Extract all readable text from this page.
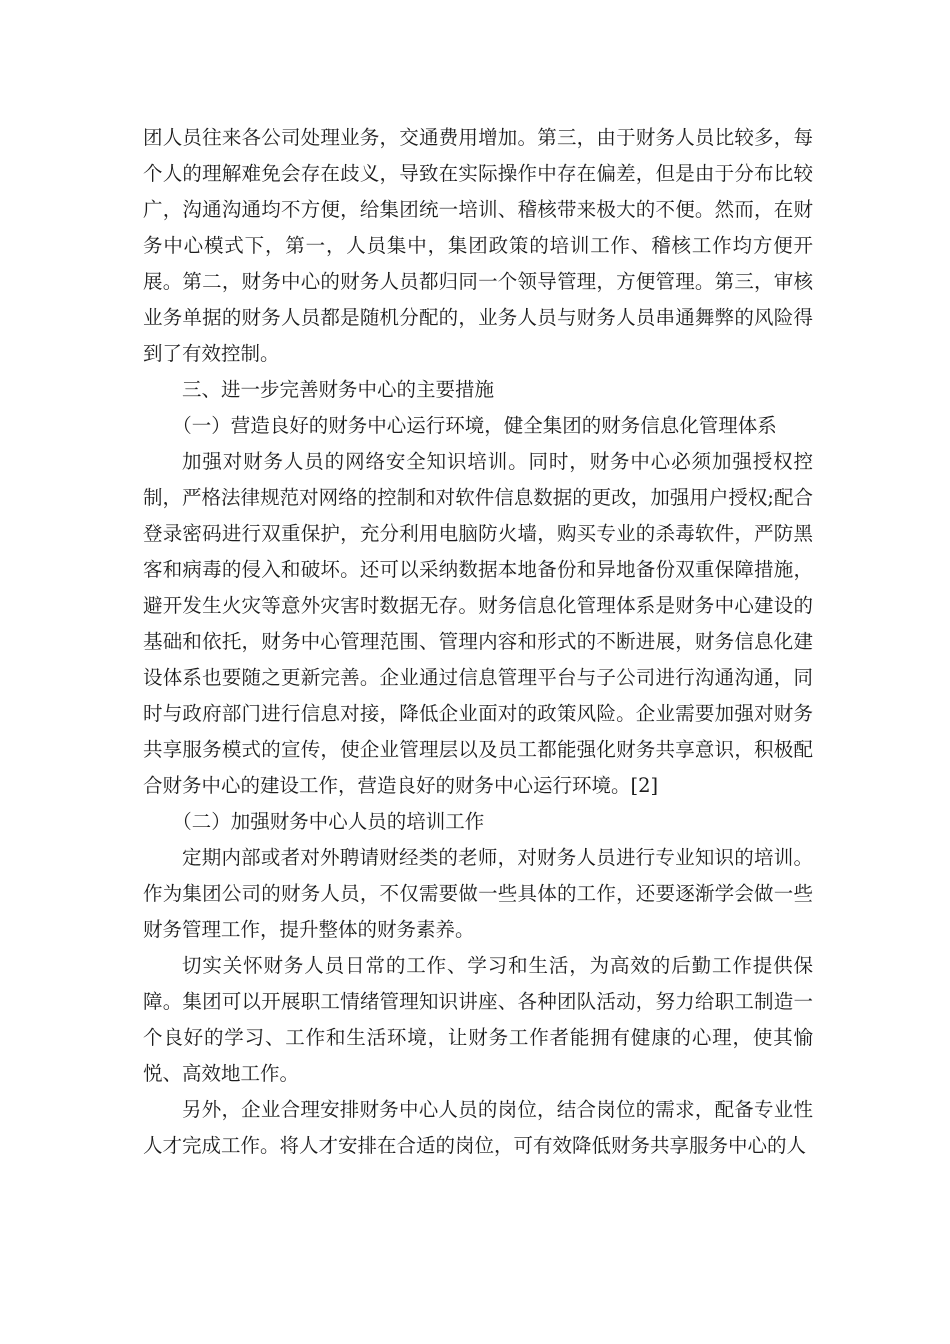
团人员往来各公司处理业务，交通费用增加。第三，由于财务人员比较多，每个人的理解难免会存在歧义，导致在实际操作中存在偏差，但是由于分布比较广，沟通沟通均不方便，给集团统一培训、稽核带来极大的不便。然而，在财务中心模式下，第一，人员集中，集团政策的培训工作、稽核工作均方便开展。第二，财务中心的财务人员都归同一个领导管理，方便管理。第三，审核业务单据的财务人员都是随机分配的，业务人员与财务人员串通舞弊的风险得到了有效控制。

三、进一步完善财务中心的主要措施

（一）营造良好的财务中心运行环境，健全集团的财务信息化管理体系

加强对财务人员的网络安全知识培训。同时，财务中心必须加强授权控制，严格法律规范对网络的控制和对软件信息数据的更改，加强用户授权;配合登录密码进行双重保护，充分利用电脑防火墙，购买专业的杀毒软件，严防黑客和病毒的侵入和破坏。还可以采纳数据本地备份和异地备份双重保障措施，避开发生火灾等意外灾害时数据无存。财务信息化管理体系是财务中心建设的基础和依托，财务中心管理范围、管理内容和形式的不断进展，财务信息化建设体系也要随之更新完善。企业通过信息管理平台与子公司进行沟通沟通，同时与政府部门进行信息对接，降低企业面对的政策风险。企业需要加强对财务共享服务模式的宣传，使企业管理层以及员工都能强化财务共享意识，积极配合财务中心的建设工作，营造良好的财务中心运行环境。[2]

（二）加强财务中心人员的培训工作

定期内部或者对外聘请财经类的老师，对财务人员进行专业知识的培训。作为集团公司的财务人员，不仅需要做一些具体的工作，还要逐渐学会做一些财务管理工作，提升整体的财务素养。

切实关怀财务人员日常的工作、学习和生活，为高效的后勤工作提供保障。集团可以开展职工情绪管理知识讲座、各种团队活动，努力给职工制造一个良好的学习、工作和生活环境，让财务工作者能拥有健康的心理，使其愉悦、高效地工作。

另外，企业合理安排财务中心人员的岗位，结合岗位的需求，配备专业性人才完成工作。将人才安排在合适的岗位，可有效降低财务共享服务中心的人
